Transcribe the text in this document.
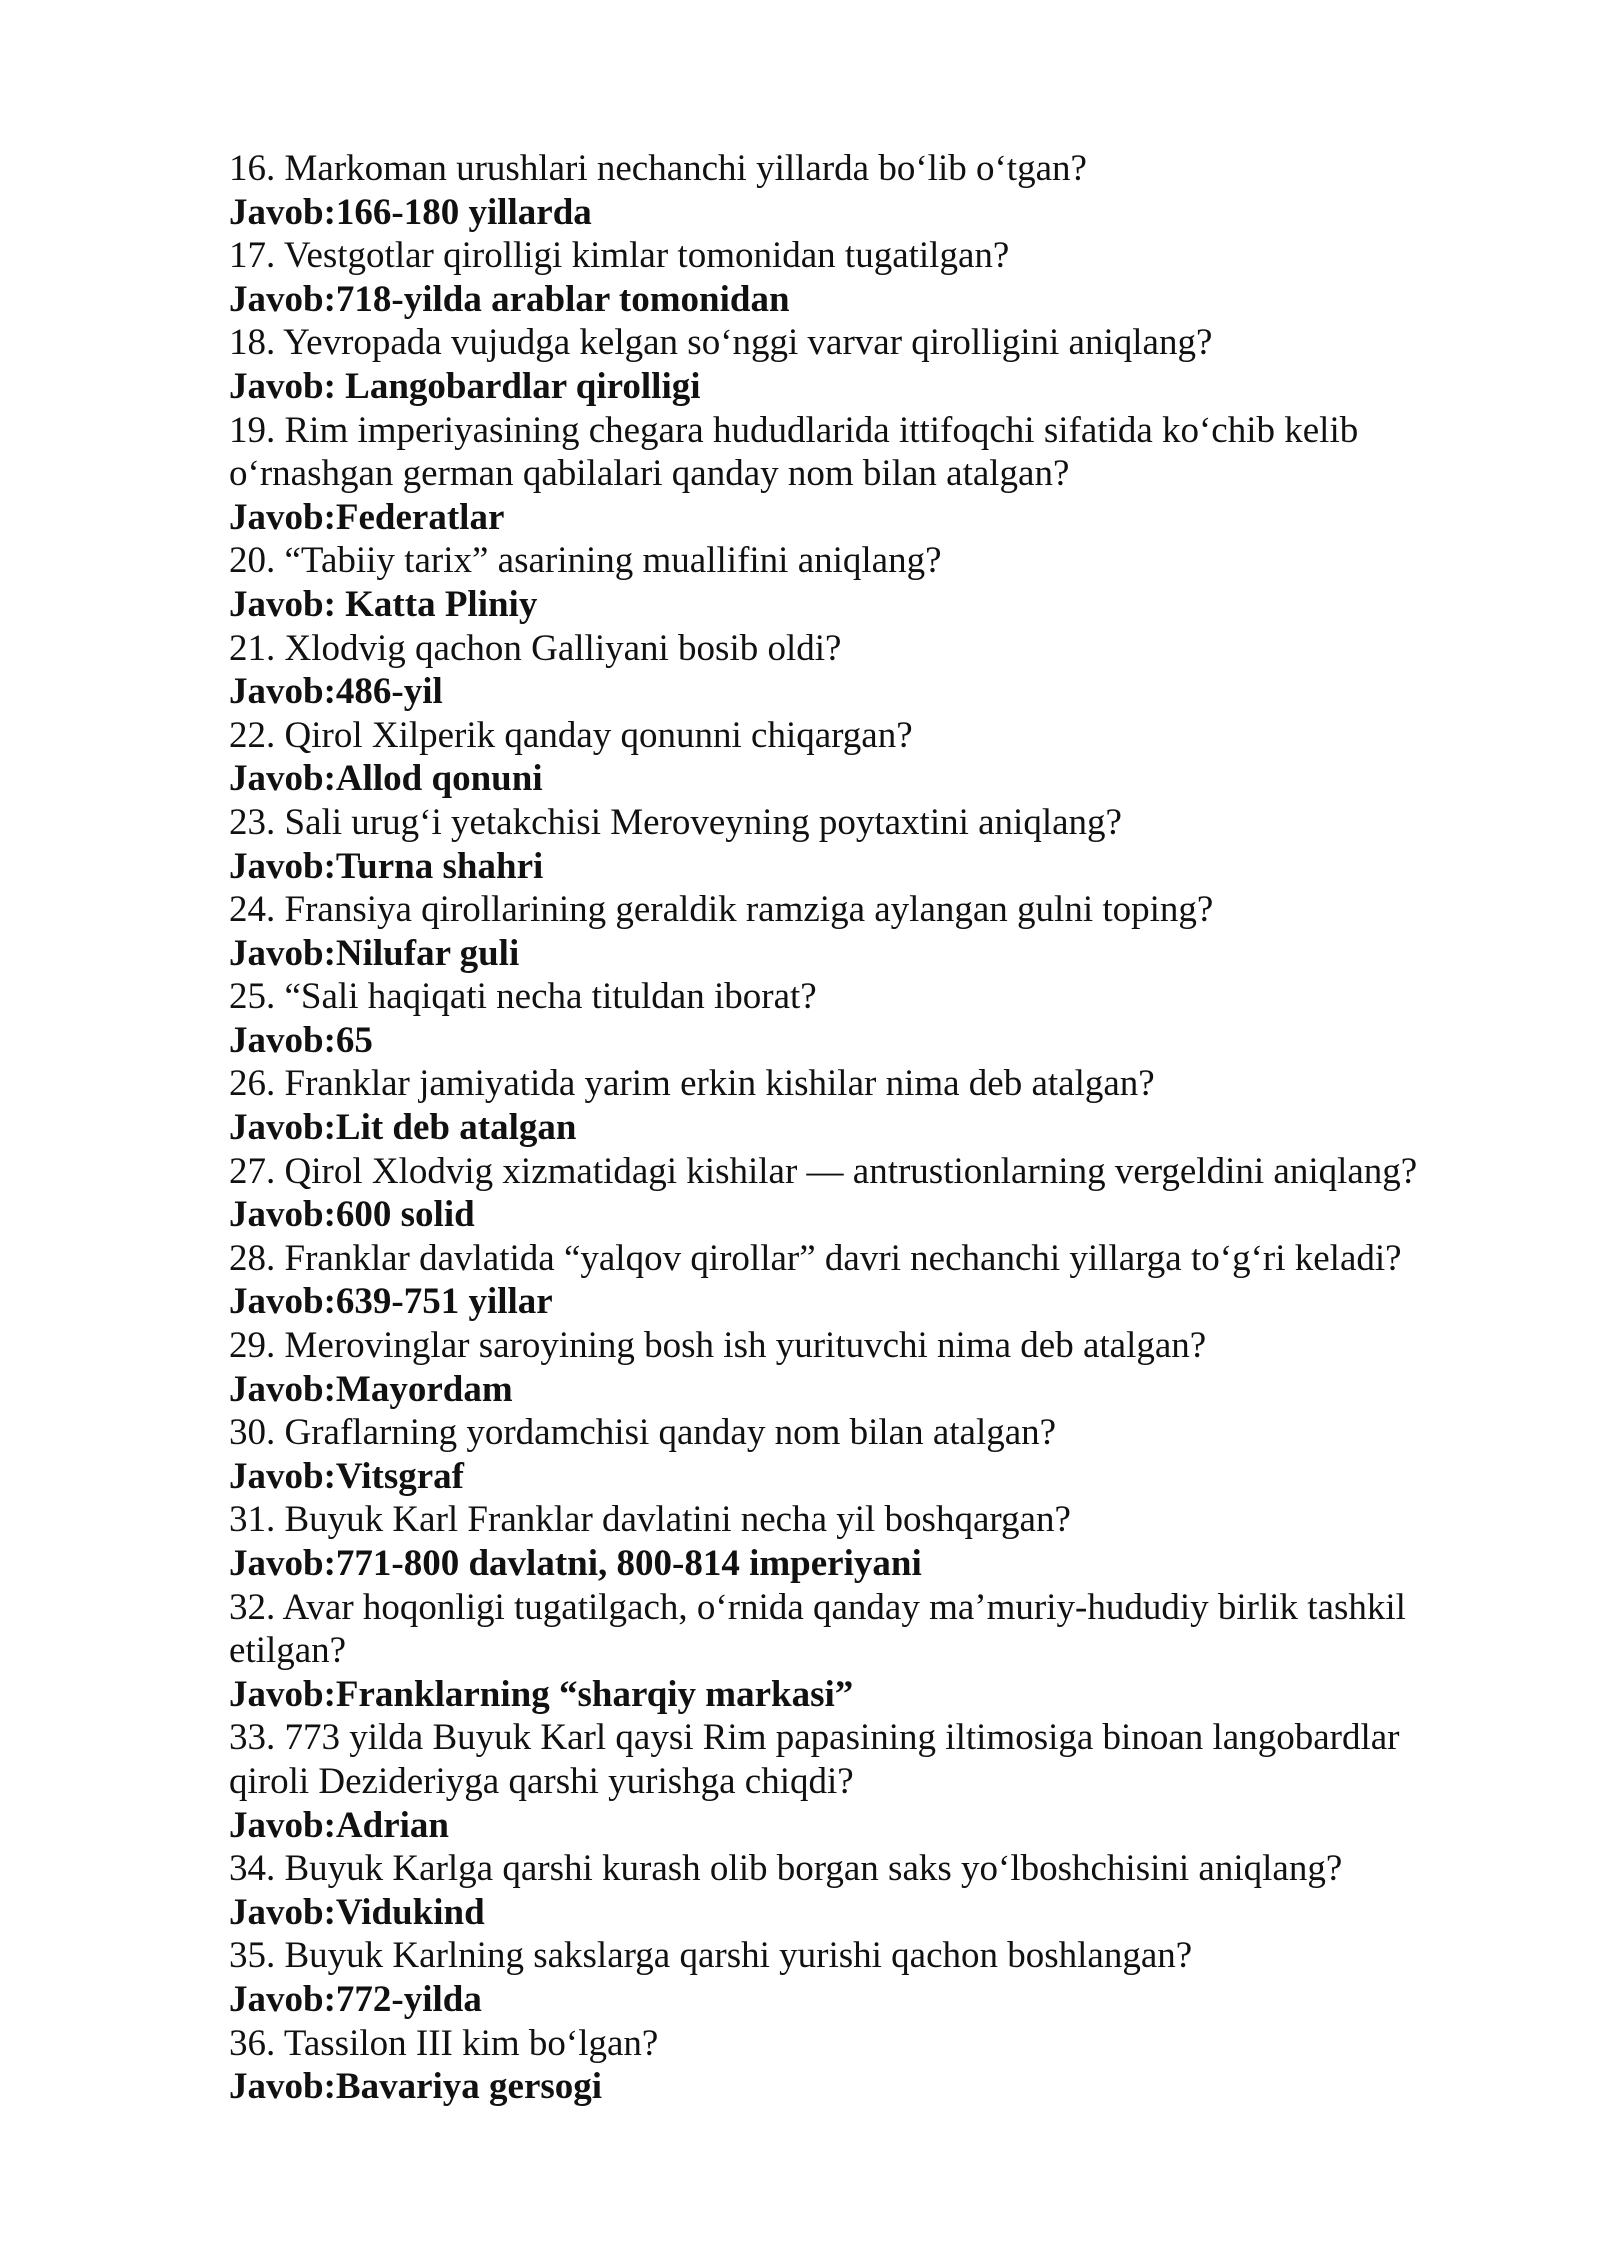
16. Markoman urushlari nechanchi yillarda bo‘lib o‘tgan?
Javob:166-180 yillarda
17. Vestgotlar qirolligi kimlar tomonidan tugatilgan?
Javob:718-yilda arablar tomonidan
18. Yevropada vujudga kelgan so‘nggi varvar qirolligini aniqlang?
Javob: Langobardlar qirolligi
19. Rim imperiyasining chegara hududlarida ittifoqchi sifatida ko‘chib kelib
o‘rnashgan german qabilalari qanday nom bilan atalgan?
Javob:Federatlar
20. “Tabiiy tarix” asarining muallifini aniqlang?
Javob: Katta Pliniy
21. Xlodvig qachon Galliyani bosib oldi?
Javob:486-yil
22. Qirol Xilperik qanday qonunni chiqargan?
Javob:Allod qonuni
23. Sali urug‘i yetakchisi Meroveyning poytaxtini aniqlang?
Javob:Turna shahri
24. Fransiya qirollarining geraldik ramziga aylangan gulni toping?
Javob:Nilufar guli
25. “Sali haqiqati necha tituldan iborat?
Javob:65
26. Franklar jamiyatida yarim erkin kishilar nima deb atalgan?
Javob:Lit deb atalgan
27. Qirol Xlodvig xizmatidagi kishilar — antrustionlarning vergeldini aniqlang?
Javob:600 solid
28. Franklar davlatida “yalqov qirollar” davri nechanchi yillarga to‘g‘ri keladi?
Javob:639-751 yillar
29. Merovinglar saroyining bosh ish yurituvchi nima deb atalgan?
Javob:Mayordam
30. Graflarning yordamchisi qanday nom bilan atalgan?
Javob:Vitsgraf
31. Buyuk Karl Franklar davlatini necha yil boshqargan?
Javob:771-800 davlatni, 800-814 imperiyani
32. Avar hoqonligi tugatilgach, o‘rnida qanday ma’muriy-hududiy birlik tashkil
etilgan?
Javob:Franklarning “sharqiy markasi”
33. 773 yilda Buyuk Karl qaysi Rim papasining iltimosiga binoan langobardlar
qiroli Dezideriyga qarshi yurishga chiqdi?
Javob:Adrian
34. Buyuk Karlga qarshi kurash olib borgan saks yo‘lboshchisini aniqlang?
Javob:Vidukind
35. Buyuk Karlning sakslarga qarshi yurishi qachon boshlangan?
Javob:772-yilda
36. Tassilon III kim bo‘lgan?
Javob:Bavariya gersogi
